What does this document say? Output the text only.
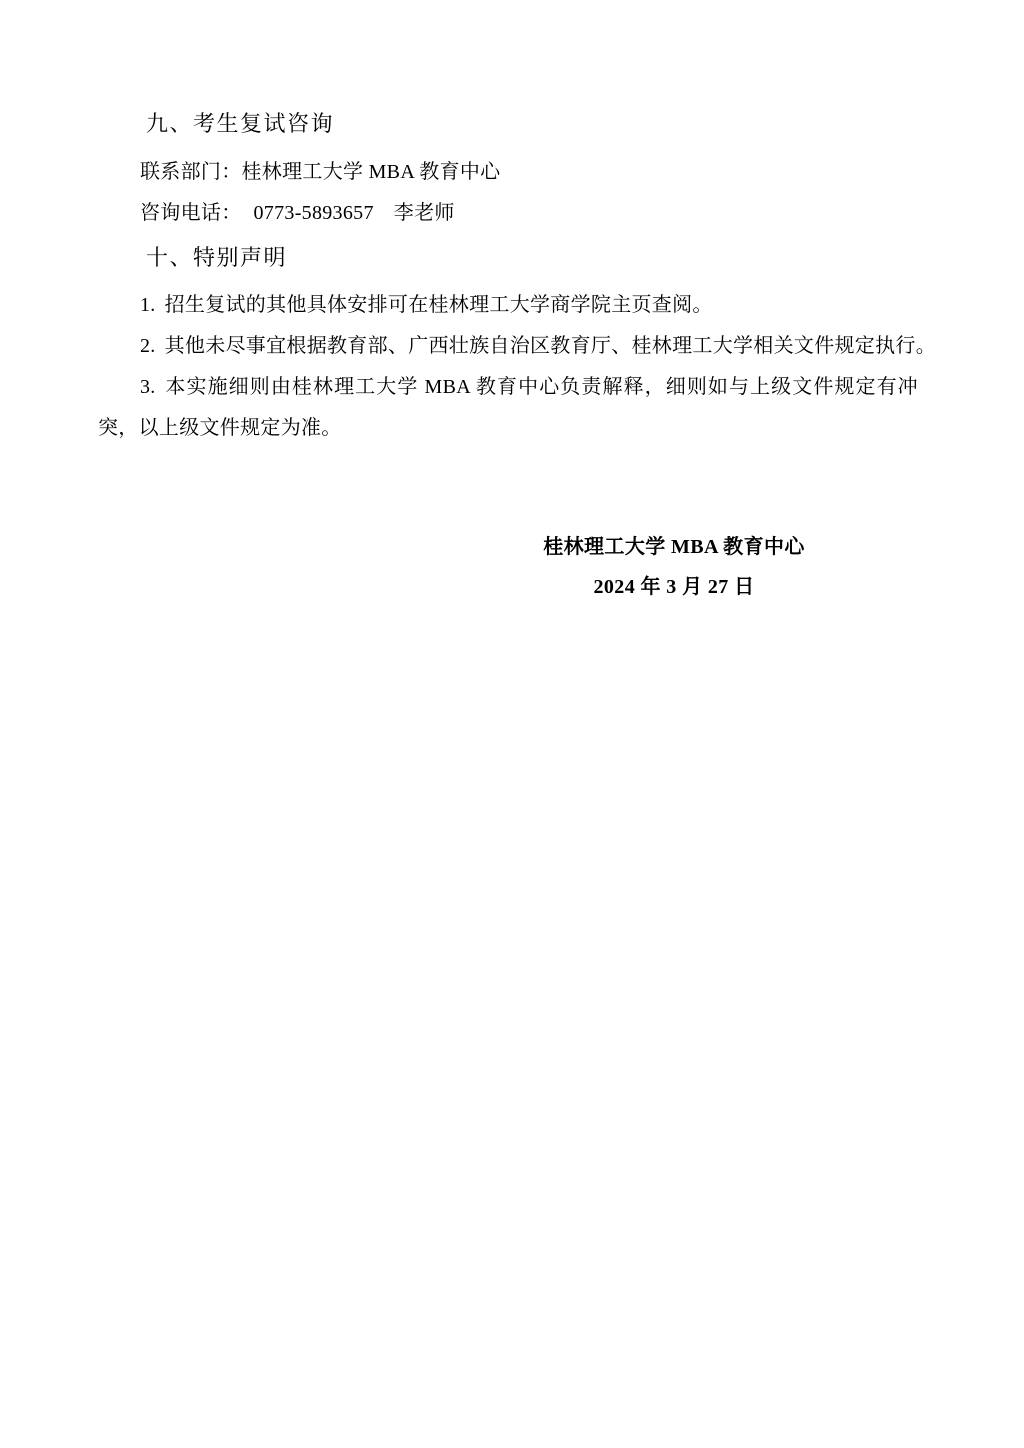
九、考生复试咨询

联系部门：桂林理工大学 MBA 教育中心

咨询电话： 0773-5893657 李老师

十、特别声明

1. 招生复试的其他具体安排可在桂林理工大学商学院主页查阅。

2. 其他未尽事宜根据教育部、广西壮族自治区教育厅、桂林理工大学相关文件规定执行。

3. 本实施细则由桂林理工大学 MBA 教育中心负责解释，细则如与上级文件规定有冲突，以上级文件规定为准。

桂林理工大学 MBA 教育中心

2024 年 3 月 27 日
